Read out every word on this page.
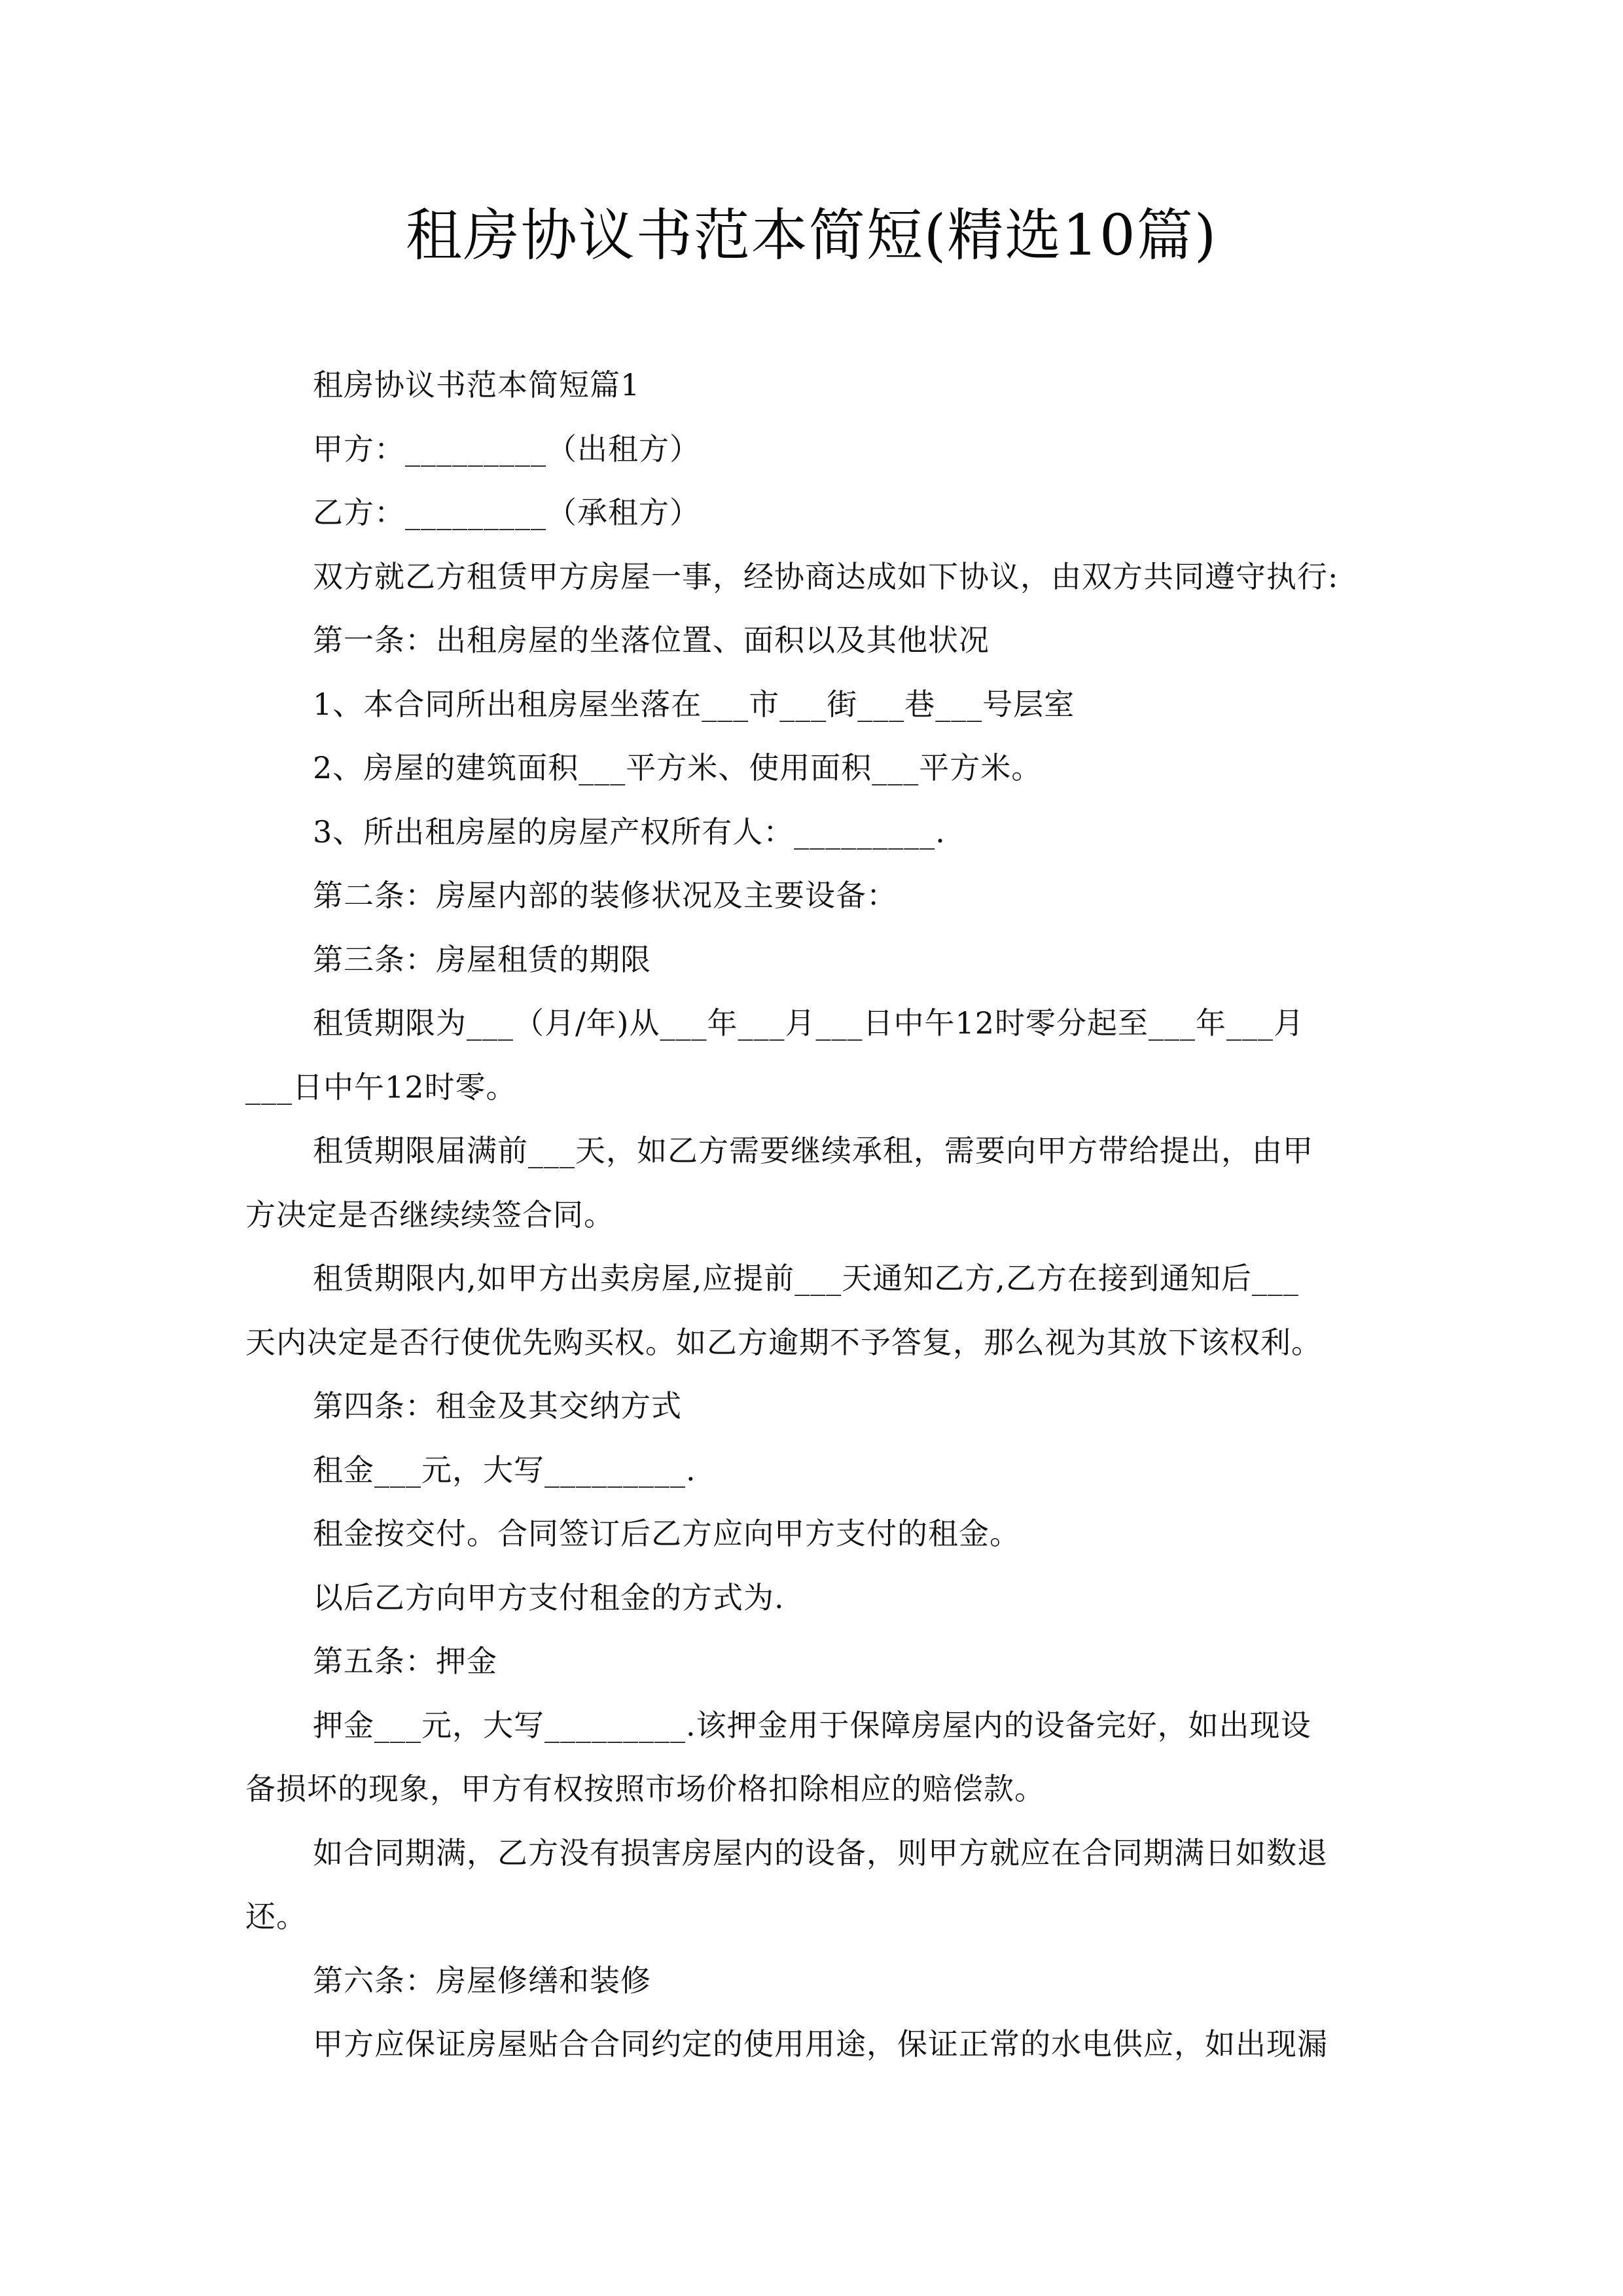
租房协议书范本简短(精选10篇)
租房协议书范本简短篇1
甲方：_________（出租方）
乙方：_________（承租方）
双方就乙方租赁甲方房屋一事，经协商达成如下协议，由双方共同遵守执行:
第一条：出租房屋的坐落位置、面积以及其他状况
1、本合同所出租房屋坐落在___市___街___巷___号层室
2、房屋的建筑面积___平方米、使用面积___平方米。
3、所出租房屋的房屋产权所有人：_________.
第二条：房屋内部的装修状况及主要设备：
第三条：房屋租赁的期限
租赁期限为___（月/年)从___年___月___日中午12时零分起至___年___月
___日中午12时零。
租赁期限届满前___天，如乙方需要继续承租，需要向甲方带给提出，由甲
方决定是否继续续签合同。
租赁期限内,如甲方出卖房屋,应提前___天通知乙方,乙方在接到通知后___
天内决定是否行使优先购买权。如乙方逾期不予答复，那么视为其放下该权利。
第四条：租金及其交纳方式
租金___元，大写_________.
租金按交付。合同签订后乙方应向甲方支付的租金。
以后乙方向甲方支付租金的方式为.
第五条：押金
押金___元，大写_________.该押金用于保障房屋内的设备完好，如出现设
备损坏的现象，甲方有权按照市场价格扣除相应的赔偿款。
如合同期满，乙方没有损害房屋内的设备，则甲方就应在合同期满日如数退
还。
第六条：房屋修缮和装修
甲方应保证房屋贴合合同约定的使用用途，保证正常的水电供应，如出现漏
